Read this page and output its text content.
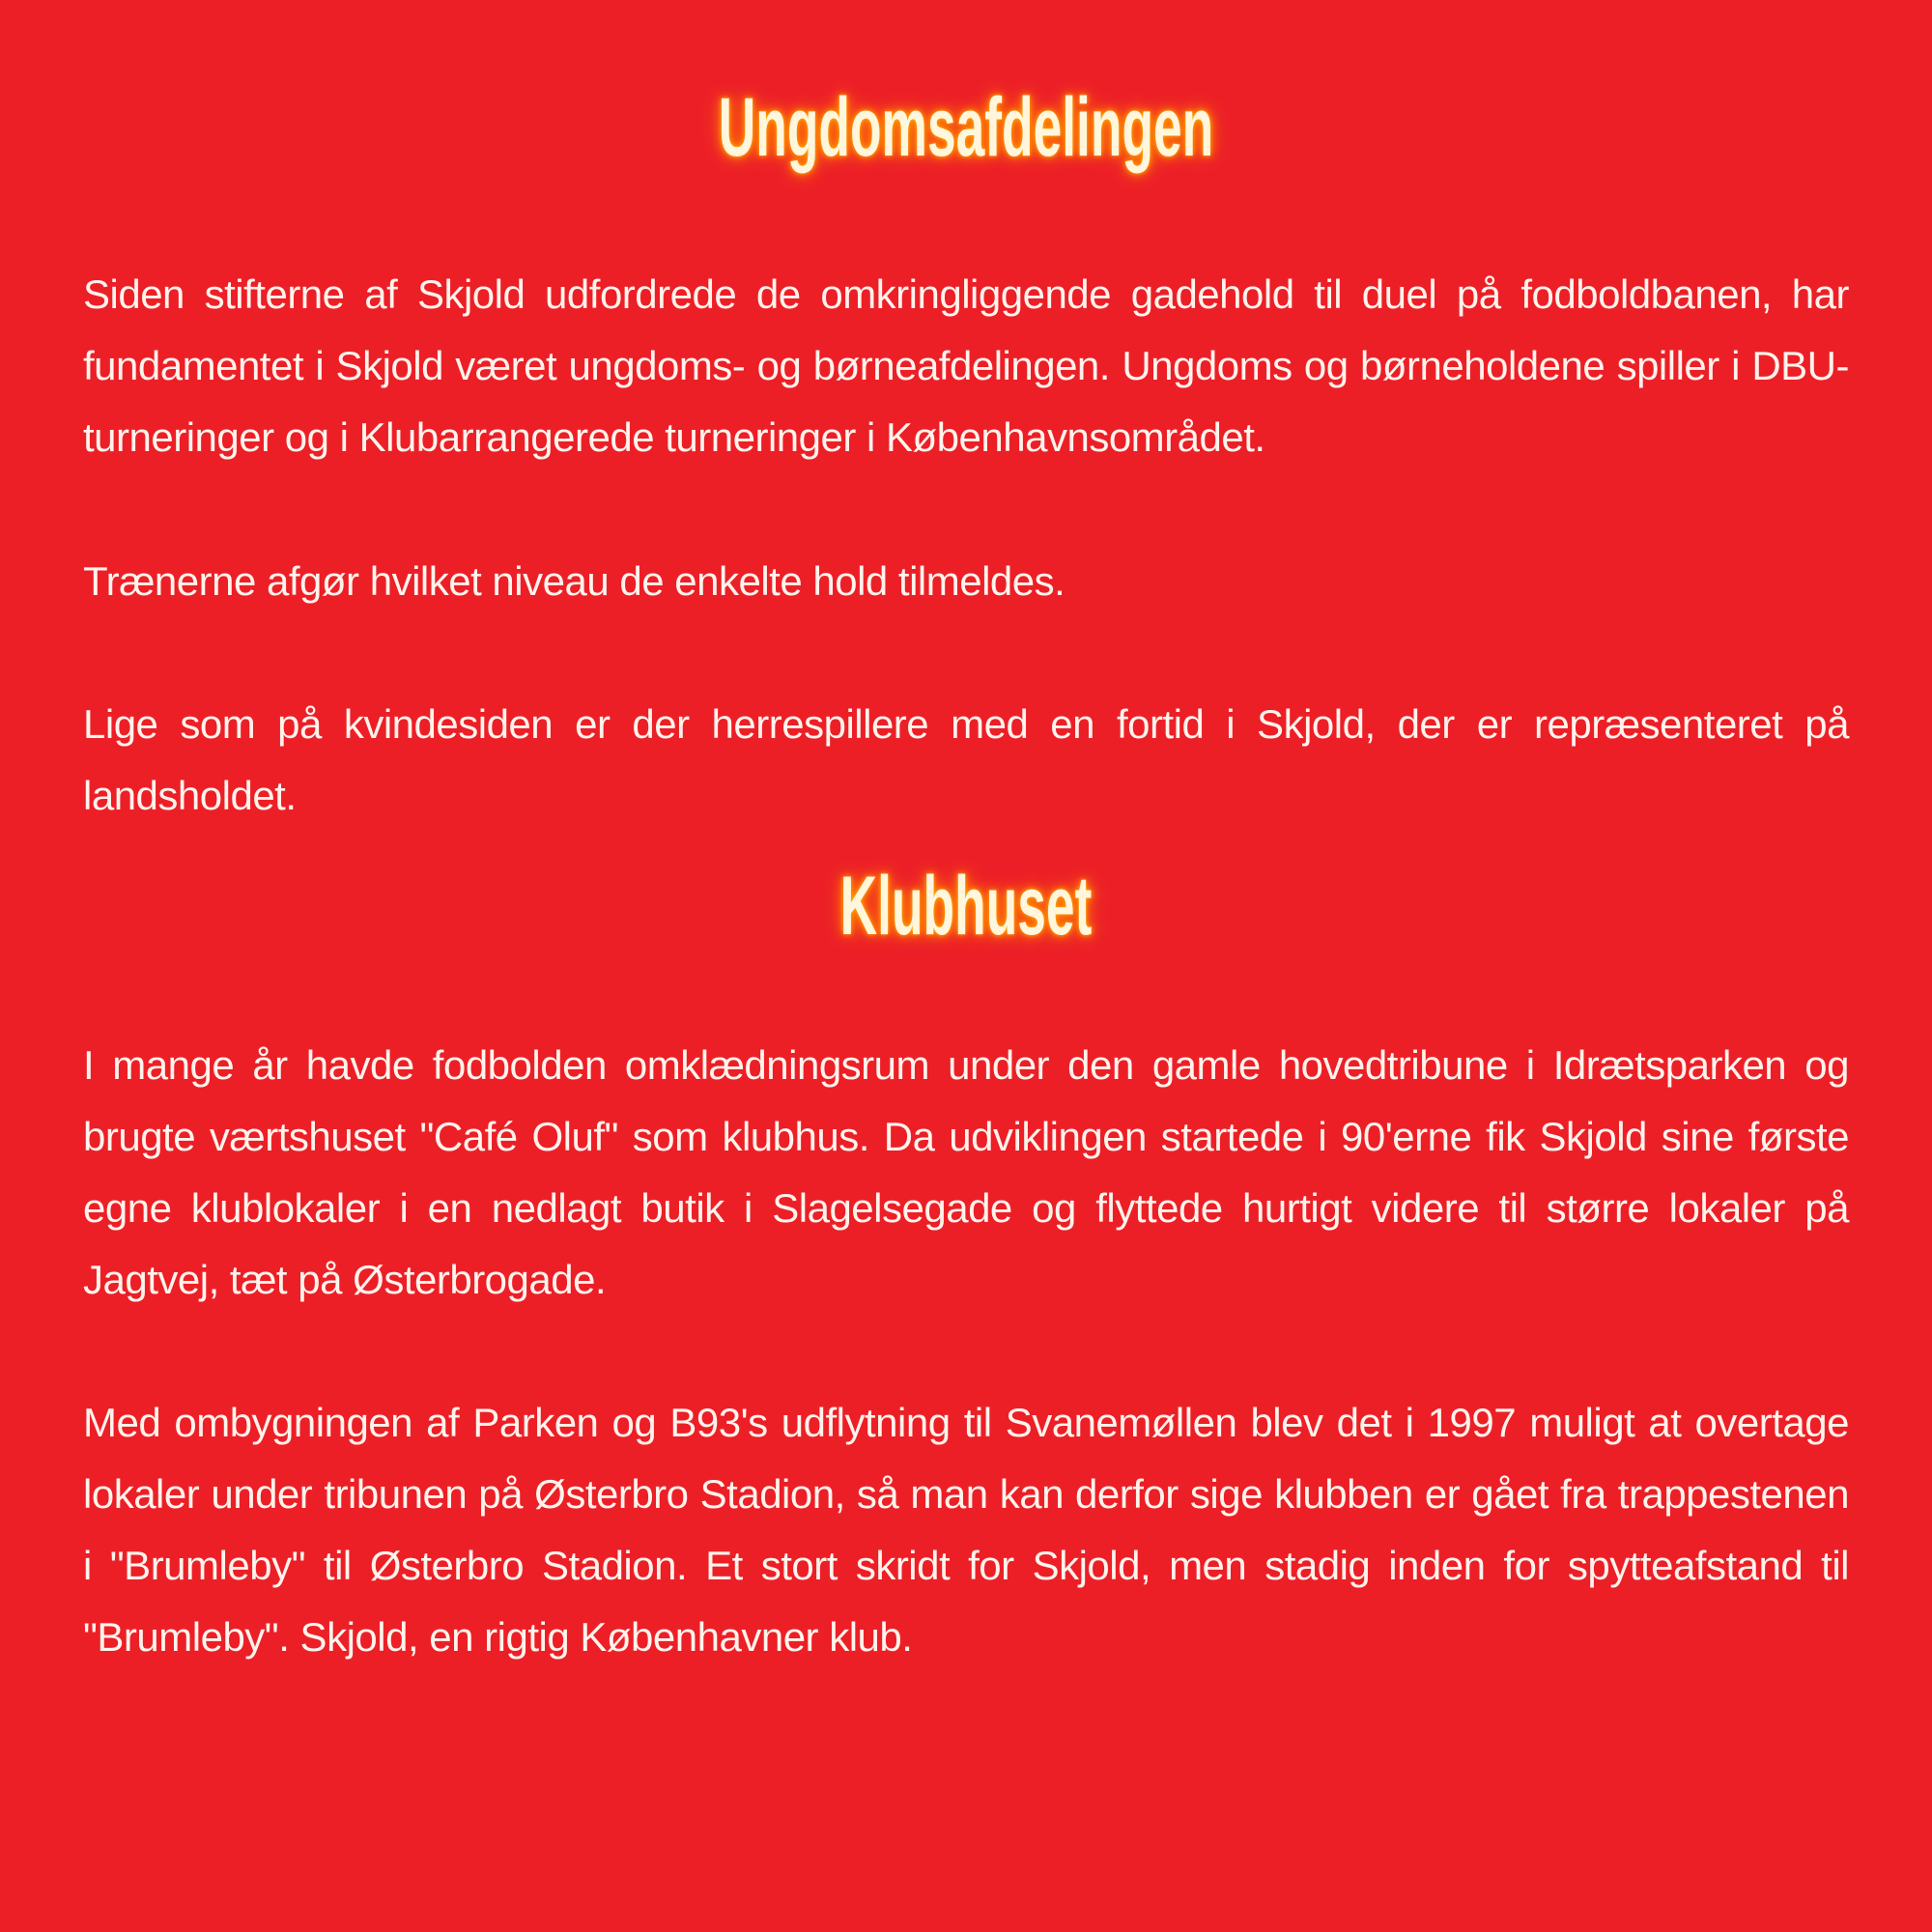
Ungdomsafdelingen

Siden stifterne af Skjold udfordrede de omkringliggende gadehold til duel på fodboldbanen, har fundamentet i Skjold været ungdoms- og børneafdelingen. Ungdoms og børneholdene spiller i DBU-turneringer og i Klubarrangerede turneringer i Københavnsområdet.

Trænerne afgør hvilket niveau de enkelte hold tilmeldes.

Lige som på kvindesiden er der herrespillere med en fortid i Skjold, der er repræsenteret på landsholdet.

Klubhuset

I mange år havde fodbolden omklædningsrum under den gamle hovedtribune i Idrætsparken og brugte værtshuset "Café Oluf" som klubhus. Da udviklingen startede i 90'erne fik Skjold sine første egne klublokaler i en nedlagt butik i Slagelsegade og flyttede hurtigt videre til større lokaler på Jagtvej, tæt på Østerbrogade.

Med ombygningen af Parken og B93's udflytning til Svanemøllen blev det i 1997 muligt at overtage lokaler under tribunen på Østerbro Stadion, så man kan derfor sige klubben er gået fra trappestenen i "Brumleby" til Østerbro Stadion. Et stort skridt for Skjold, men stadig inden for spytteafstand til "Brumleby". Skjold, en rigtig Københavner klub.
